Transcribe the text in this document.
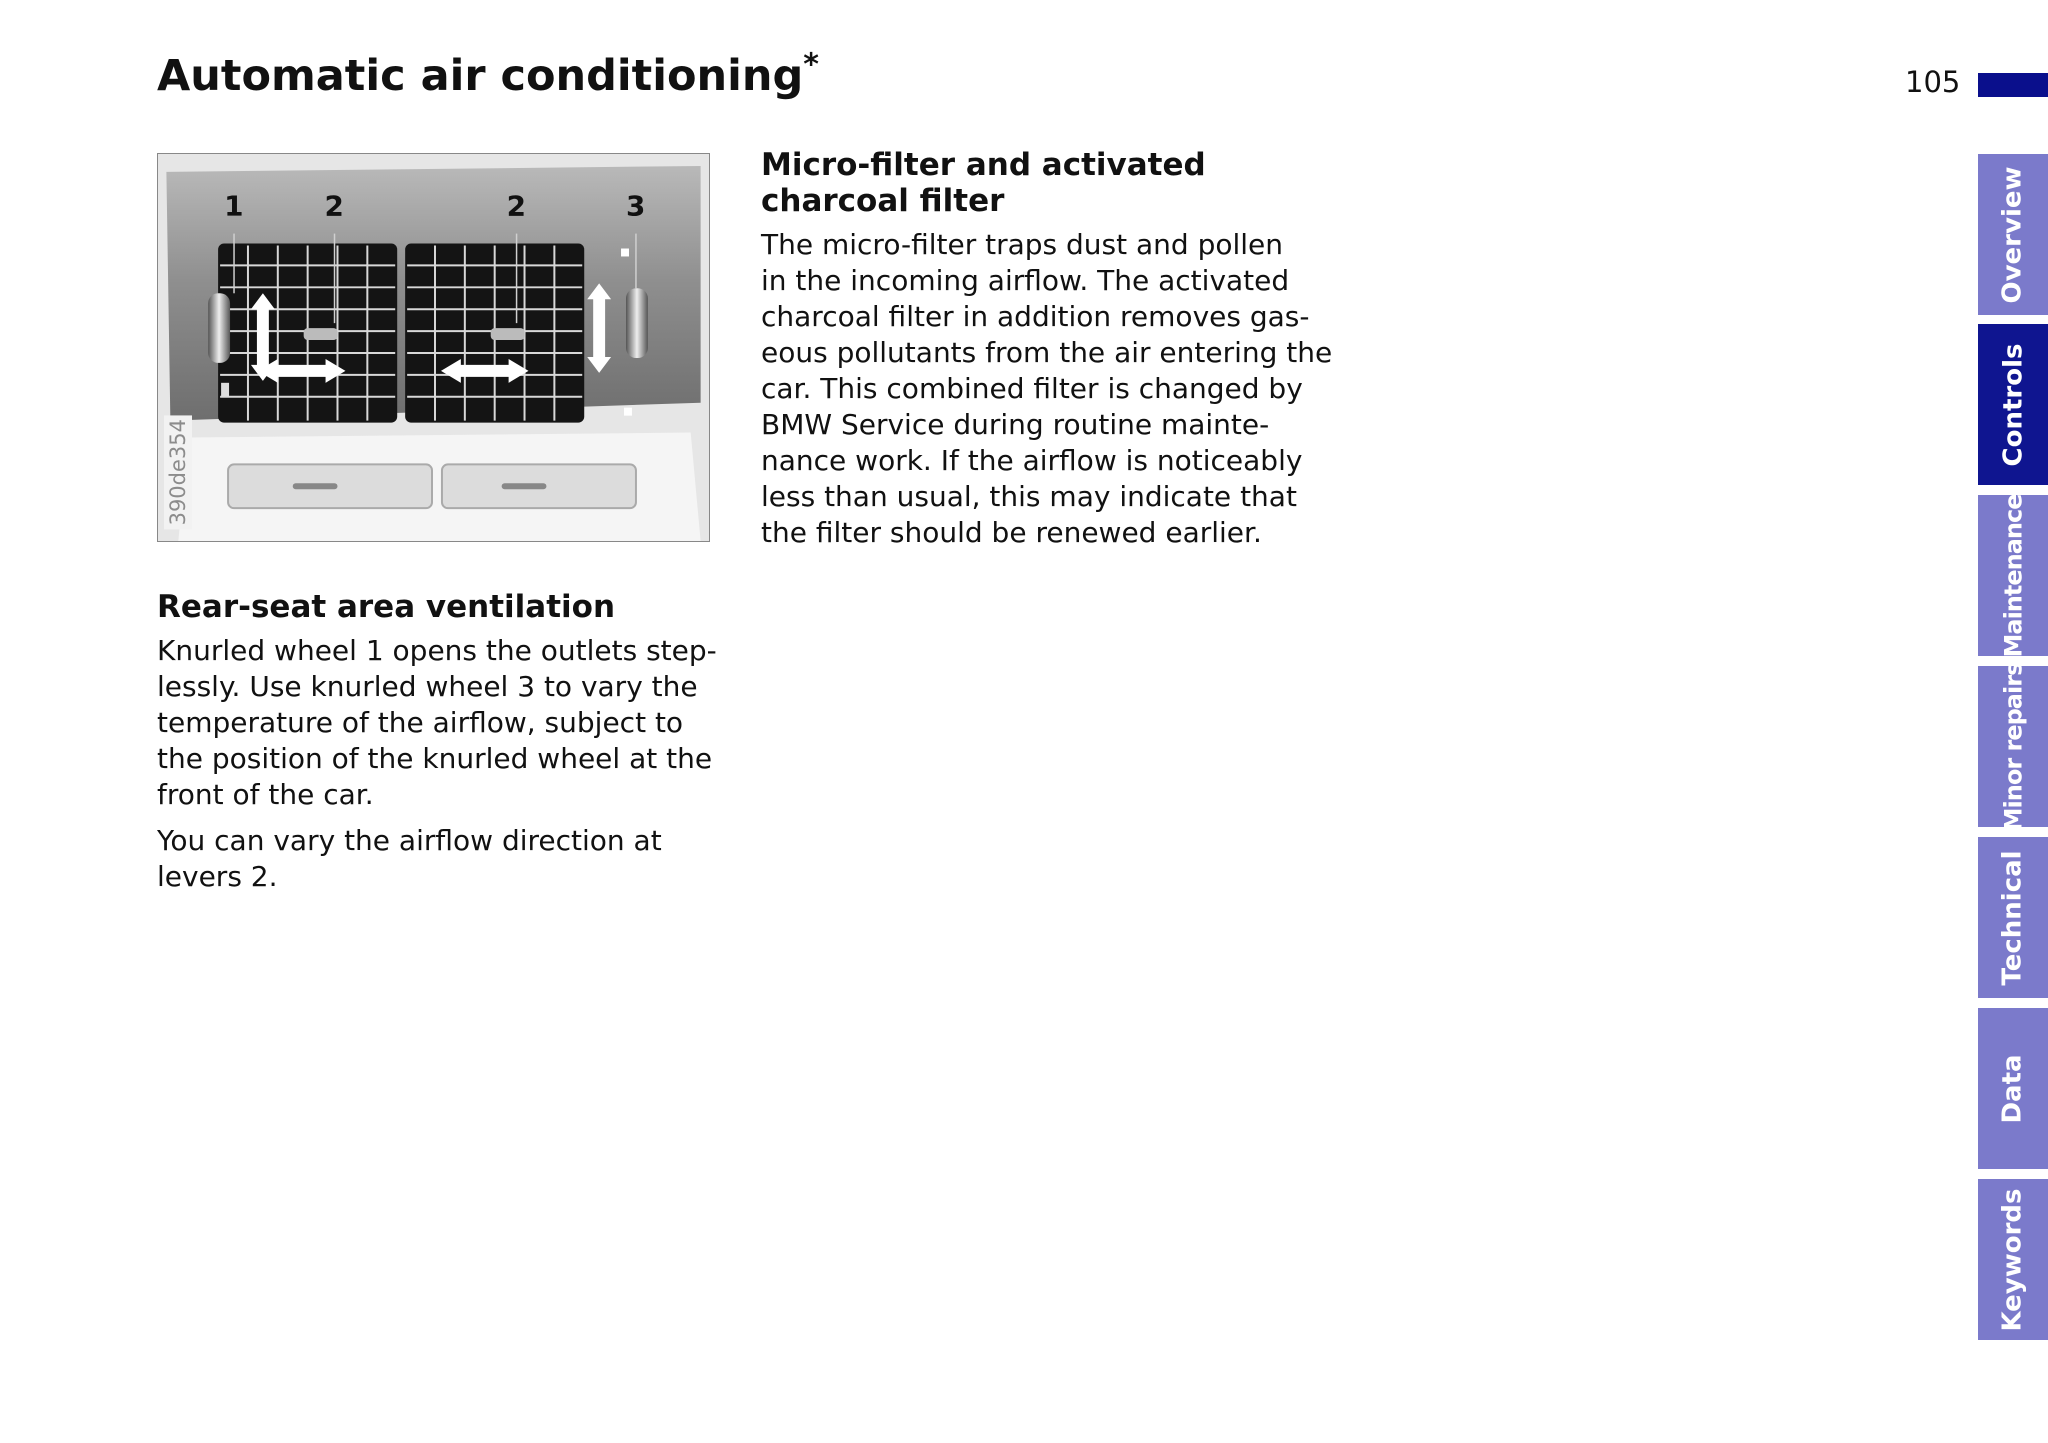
Automatic air conditioning*	105
Overview
Controls
Maintenance
Minor repairs
Technical
Data
Keywords
1	2	2	3
390de354
Rear-seat area ventilation

Knurled wheel 1 opens the outlets step-
lessly. Use knurled wheel 3 to vary the
temperature of the airflow, subject to
the position of the knurled wheel at the
front of the car.

You can vary the airflow direction at
levers 2.

Micro-filter and activated
charcoal filter

The micro-filter traps dust and pollen
in the incoming airflow. The activated
charcoal filter in addition removes gas-
eous pollutants from the air entering the
car. This combined filter is changed by
BMW Service during routine mainte-
nance work. If the airflow is noticeably
less than usual, this may indicate that
the filter should be renewed earlier.
